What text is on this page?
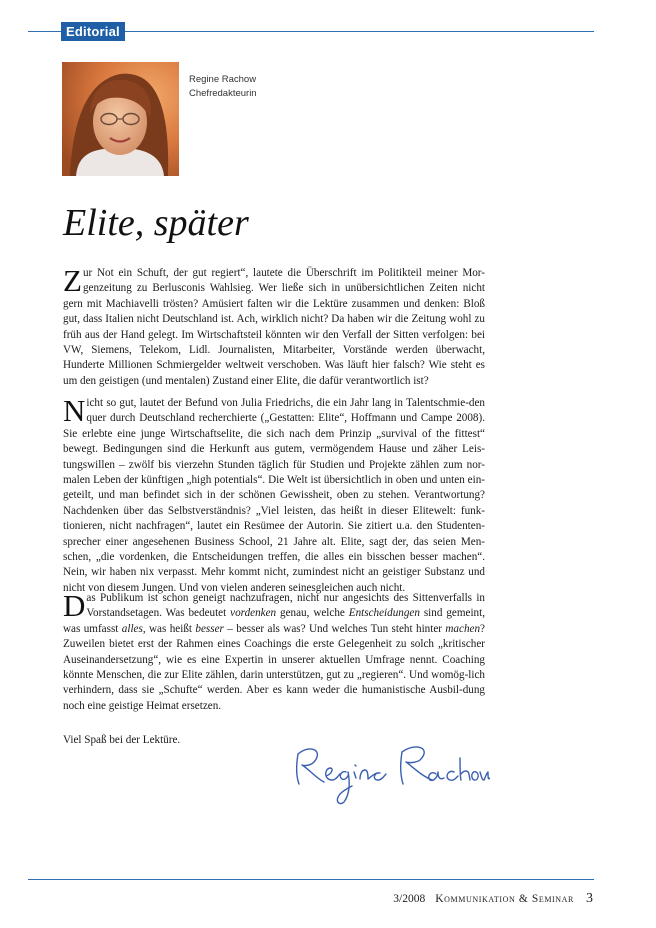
Editorial
Regine Rachow
Chefredakteurin
Elite, später

Zur Not ein Schuft, der gut regiert“, lautete die Überschrift im Politikteil meiner Mor-genzeitung zu Berlusconis Wahlsieg. Wer ließe sich in unübersichtlichen Zeiten nicht gern mit Machiavelli trösten? Amüsiert falten wir die Lektüre zusammen und denken: Bloß gut, dass Italien nicht Deutschland ist. Ach, wirklich nicht? Da haben wir die Zeitung wohl zu früh aus der Hand gelegt. Im Wirtschaftsteil könnten wir den Verfall der Sitten verfolgen: bei VW, Siemens, Telekom, Lidl. Journalisten, Mitarbeiter, Vorstände werden überwacht, Hunderte Millionen Schmiergelder weltweit verschoben. Was läuft hier falsch? Wie steht es um den geistigen (und mentalen) Zustand einer Elite, die dafür verantwortlich ist?

Nicht so gut, lautet der Befund von Julia Friedrichs, die ein Jahr lang in Talentschmie-den quer durch Deutschland recherchierte („Gestatten: Elite“, Hoffmann und Campe 2008). Sie erlebte eine junge Wirtschaftselite, die sich nach dem Prinzip „survival of the fittest“ bewegt. Bedingungen sind die Herkunft aus gutem, vermögendem Hause und zäher Leis-tungswillen – zwölf bis vierzehn Stunden täglich für Studien und Projekte zählen zum nor-malen Leben der künftigen „high potentials“. Die Welt ist übersichtlich in oben und unten ein-geteilt, und man befindet sich in der schönen Gewissheit, oben zu stehen. Verantwortung? Nachdenken über das Selbstverständnis? „Viel leisten, das heißt in dieser Elitewelt: funk-tionieren, nicht nachfragen“, lautet ein Resümee der Autorin. Sie zitiert u.a. den Studenten-sprecher einer angesehenen Business School, 21 Jahre alt. Elite, sagt der, das seien Men-schen, „die vordenken, die Entscheidungen treffen, die alles ein bisschen besser machen“. Nein, wir haben nix verpasst. Mehr kommt nicht, zumindest nicht an geistiger Substanz und nicht von diesem Jungen. Und von vielen anderen seinesgleichen auch nicht.

Das Publikum ist schon geneigt nachzufragen, nicht nur angesichts des Sittenverfalls in Vorstandsetagen. Was bedeutet vordenken genau, welche Entscheidungen sind gemeint, was umfasst alles, was heißt besser – besser als was? Und welches Tun steht hinter machen? Zuweilen bietet erst der Rahmen eines Coachings die erste Gelegenheit zu solch „kritischer Auseinandersetzung“, wie es eine Expertin in unserer aktuellen Umfrage nennt. Coaching könnte Menschen, die zur Elite zählen, darin unterstützen, gut zu „regieren“. Und womög-lich verhindern, dass sie „Schufte“ werden. Aber es kann weder die humanistische Ausbil-dung noch eine geistige Heimat ersetzen.

Viel Spaß bei der Lektüre.
3/2008 Kommunikation & Seminar 3
